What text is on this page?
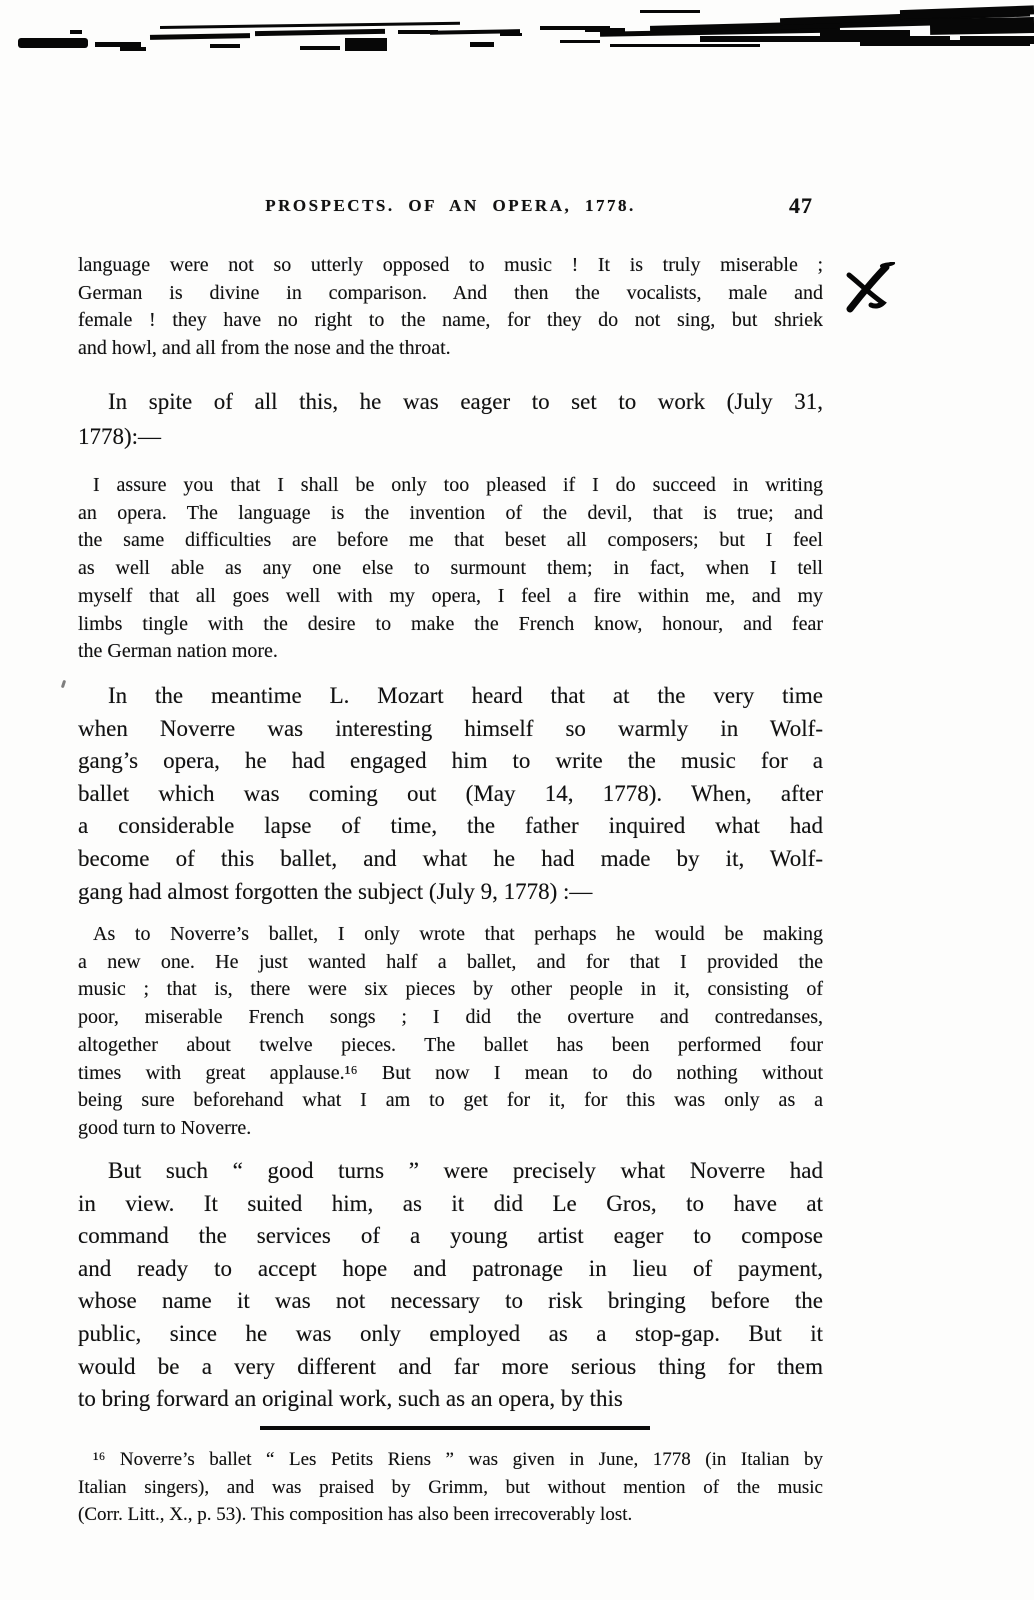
PROSPECTS. OF AN OPERA, 1778.	47
language were not so utterly opposed to music ! It is truly miserable ;
German is divine in comparison. And then the vocalists, male and
female ! they have no right to the name, for they do not sing, but shriek
and howl, and all from the nose and the throat.
In spite of all this, he was eager to set to work (July 31,
1778):—
I assure you that I shall be only too pleased if I do succeed in writing
an opera. The language is the invention of the devil, that is true; and
the same difficulties are before me that beset all composers; but I feel
as well able as any one else to surmount them; in fact, when I tell
myself that all goes well with my opera, I feel a fire within me, and my
limbs tingle with the desire to make the French know, honour, and fear
the German nation more.
In the meantime L. Mozart heard that at the very time
when Noverre was interesting himself so warmly in Wolf-
gang’s opera, he had engaged him to write the music for a
ballet which was coming out (May 14, 1778). When, after
a considerable lapse of time, the father inquired what had
become of this ballet, and what he had made by it, Wolf-
gang had almost forgotten the subject (July 9, 1778) :—
As to Noverre’s ballet, I only wrote that perhaps he would be making
a new one. He just wanted half a ballet, and for that I provided the
music ; that is, there were six pieces by other people in it, consisting of
poor, miserable French songs ; I did the overture and contredanses,
altogether about twelve pieces. The ballet has been performed four
times with great applause.¹⁶ But now I mean to do nothing without
being sure beforehand what I am to get for it, for this was only as a
good turn to Noverre.
But such “ good turns ” were precisely what Noverre had
in view. It suited him, as it did Le Gros, to have at
command the services of a young artist eager to compose
and ready to accept hope and patronage in lieu of payment,
whose name it was not necessary to risk bringing before the
public, since he was only employed as a stop-gap. But it
would be a very different and far more serious thing for them
to bring forward an original work, such as an opera, by this
¹⁶ Noverre’s ballet “ Les Petits Riens ” was given in June, 1778 (in Italian by
Italian singers), and was praised by Grimm, but without mention of the music
(Corr. Litt., X., p. 53). This composition has also been irrecoverably lost.
